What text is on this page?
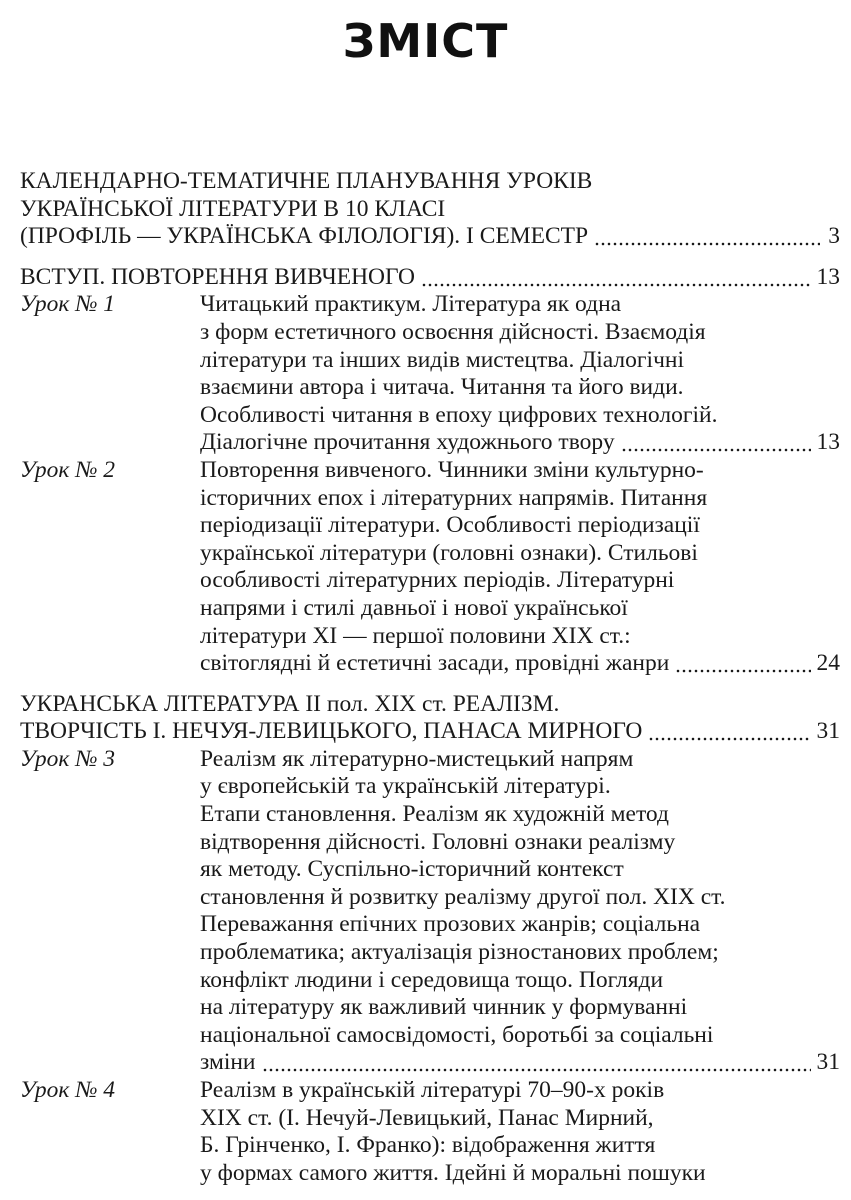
ЗМІСТ
КАЛЕНДАРНО-ТЕМАТИЧНЕ ПЛАНУВАННЯ УРОКІВ
УКРАЇНСЬКОЇ ЛІТЕРАТУРИ В 10 КЛАСІ
(ПРОФІЛЬ — УКРАЇНСЬКА ФІЛОЛОГІЯ). І СЕМЕСТР	3
ВСТУП. ПОВТОРЕННЯ ВИВЧЕНОГО	13
Урок № 1	Читацький практикум. Література як одна
з форм естетичного освоєння дійсності. Взаємодія
літератури та інших видів мистецтва. Діалогічні
взаємини автора і читача. Читання та його види.
Особливості читання в епоху цифрових технологій.
Діалогічне прочитання художнього твору	13
Урок № 2	Повторення вивченого. Чинники зміни культурно-
історичних епох і літературних напрямів. Питання
періодизації літератури. Особливості періодизації
української літератури (головні ознаки). Стильові
особливості літературних періодів. Літературні
напрями і стилі давньої і нової української
літератури XI — першої половини XIX ст.:
світоглядні й естетичні засади, провідні жанри	24
УКРАНСЬКА ЛІТЕРАТУРА II пол. XIX ст. РЕАЛІЗМ.
ТВОРЧІСТЬ І. НЕЧУЯ-ЛЕВИЦЬКОГО, ПАНАСА МИРНОГО	31
Урок № 3	Реалізм як літературно-мистецький напрям
у європейській та українській літературі.
Етапи становлення. Реалізм як художній метод
відтворення дійсності. Головні ознаки реалізму
як методу. Суспільно-історичний контекст
становлення й розвитку реалізму другої пол. XIX ст.
Переважання епічних прозових жанрів; соціальна
проблематика; актуалізація різностанових проблем;
конфлікт людини і середовища тощо. Погляди
на літературу як важливий чинник у формуванні
національної самосвідомості, боротьбі за соціальні
зміни	31
Урок № 4	Реалізм в українській літературі 70–90-х років
XIX ст. (І. Нечуй-Левицький, Панас Мирний,
Б. Грінченко, І. Франко): відображення життя
у формах самого життя. Ідейні й моральні пошуки
